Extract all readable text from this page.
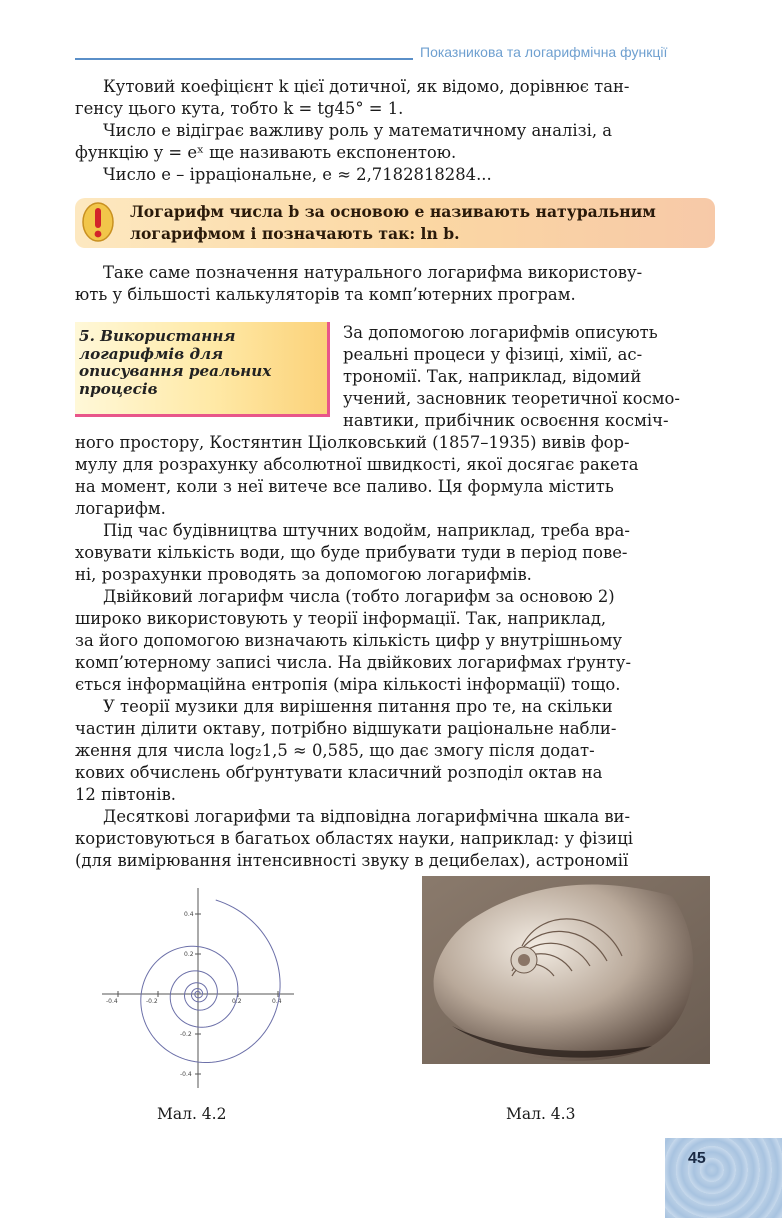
Показникова та логарифмічна функції
Кутовий коефіцієнт k цієї дотичної, як відомо, дорівнює тан-
генсу цього кута, тобто k = tg45° = 1.
Число e відіграє важливу роль у математичному аналізі, а
функцію y = eˣ ще називають експонентою.
Число e – ірраціональне, e ≈ 2,7182818284...
Логарифм числа b за основою e називають натуральним
логарифмом і позначають так: ln b.
Таке саме позначення натурального логарифма використову-
ють у більшості калькуляторів та комп’ютерних програм.
5. Використання
логарифмів для
описування реальних
процесів
За допомогою логарифмів описують
реальні процеси у фізиці, хімії, ас-
трономії. Так, наприклад, відомий
учений, засновник теоретичної космо-
навтики, прибічник освоєння косміч-
ного простору, Костянтин Ціолковський (1857–1935) вивів фор-
мулу для розрахунку абсолютної швидкості, якої досягає ракета
на момент, коли з неї витече все паливо. Ця формула містить
логарифм.
Під час будівництва штучних водойм, наприклад, треба вра-
ховувати кількість води, що буде прибувати туди в період пове-
ні, розрахунки проводять за допомогою логарифмів.
Двійковий логарифм числа (тобто логарифм за основою 2)
широко використовують у теорії інформації. Так, наприклад,
за його допомогою визначають кількість цифр у внутрішньому
комп’ютерному записі числа. На двійкових логарифмах ґрунту-
ється інформаційна ентропія (міра кількості інформації) тощо.
У теорії музики для вирішення питання про те, на скільки
частин ділити октаву, потрібно відшукати раціональне набли-
ження для числа log₂1,5 ≈ 0,585, що дає змогу після додат-
кових обчислень обґрунтувати класичний розподіл октав на
12 півтонів.
Десяткові логарифми та відповідна логарифмічна шкала ви-
користовуються в багатьох областях науки, наприклад: у фізиці
(для вимірювання інтенсивності звуку в децибелах), астрономії
-0.4	-0.2	0.2	0.4
0.4
0.2
-0.2
-0.4
Мал. 4.2	Мал. 4.3
45
